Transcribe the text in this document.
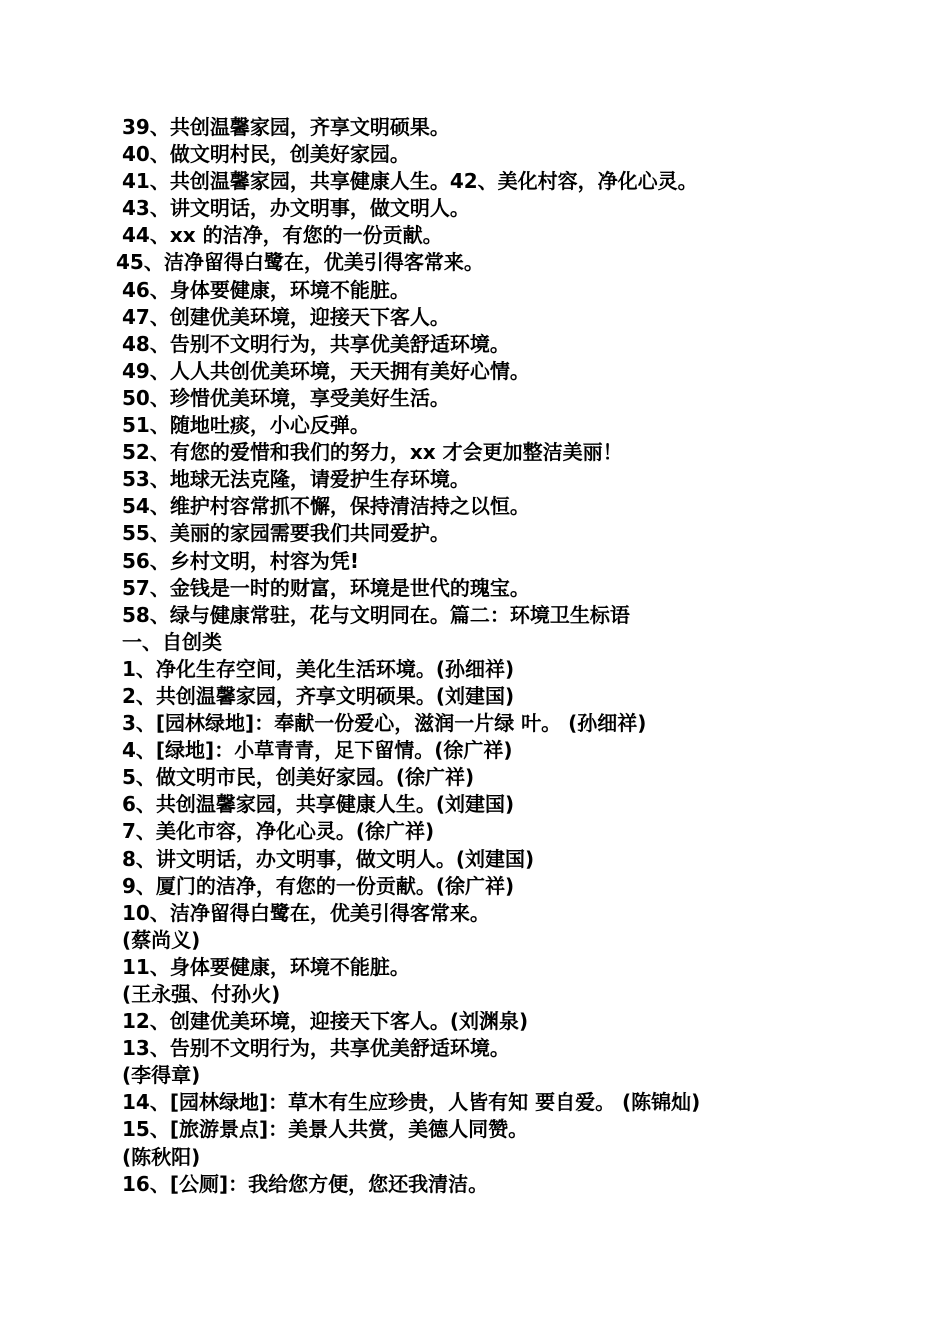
39、共创温馨家园，齐享文明硕果。
40、做文明村民，创美好家园。
41、共创温馨家园，共享健康人生。42、美化村容，净化心灵。
43、讲文明话，办文明事，做文明人。
44、xx 的洁净，有您的一份贡献。
45、洁净留得白鹭在，优美引得客常来。
46、身体要健康，环境不能脏。
47、创建优美环境，迎接天下客人。
48、告别不文明行为，共享优美舒适环境。
49、人人共创优美环境，天天拥有美好心情。
50、珍惜优美环境，享受美好生活。
51、随地吐痰，小心反弹。
52、有您的爱惜和我们的努力，xx 才会更加整洁美丽！
53、地球无法克隆，请爱护生存环境。
54、维护村容常抓不懈，保持清洁持之以恒。
55、美丽的家园需要我们共同爱护。
56、乡村文明，村容为凭!
57、金钱是一时的财富，环境是世代的瑰宝。
58、绿与健康常驻，花与文明同在。篇二：环境卫生标语
一、自创类
1、净化生存空间，美化生活环境。(孙细祥)
2、共创温馨家园，齐享文明硕果。(刘建国)
3、[园林绿地]：奉献一份爱心，滋润一片绿 叶。 (孙细祥)
4、[绿地]：小草青青，足下留情。(徐广祥)
5、做文明市民，创美好家园。(徐广祥)
6、共创温馨家园，共享健康人生。(刘建国)
7、美化市容，净化心灵。(徐广祥)
8、讲文明话，办文明事，做文明人。(刘建国)
9、厦门的洁净，有您的一份贡献。(徐广祥)
10、洁净留得白鹭在，优美引得客常来。
(蔡尚义)
11、身体要健康，环境不能脏。
(王永强、付孙火)
12、创建优美环境，迎接天下客人。(刘渊泉)
13、告别不文明行为，共享优美舒适环境。
(李得章)
14、[园林绿地]：草木有生应珍贵，人皆有知 要自爱。 (陈锦灿)
15、[旅游景点]：美景人共赏，美德人同赞。
(陈秋阳)
16、[公厕]：我给您方便，您还我清洁。
